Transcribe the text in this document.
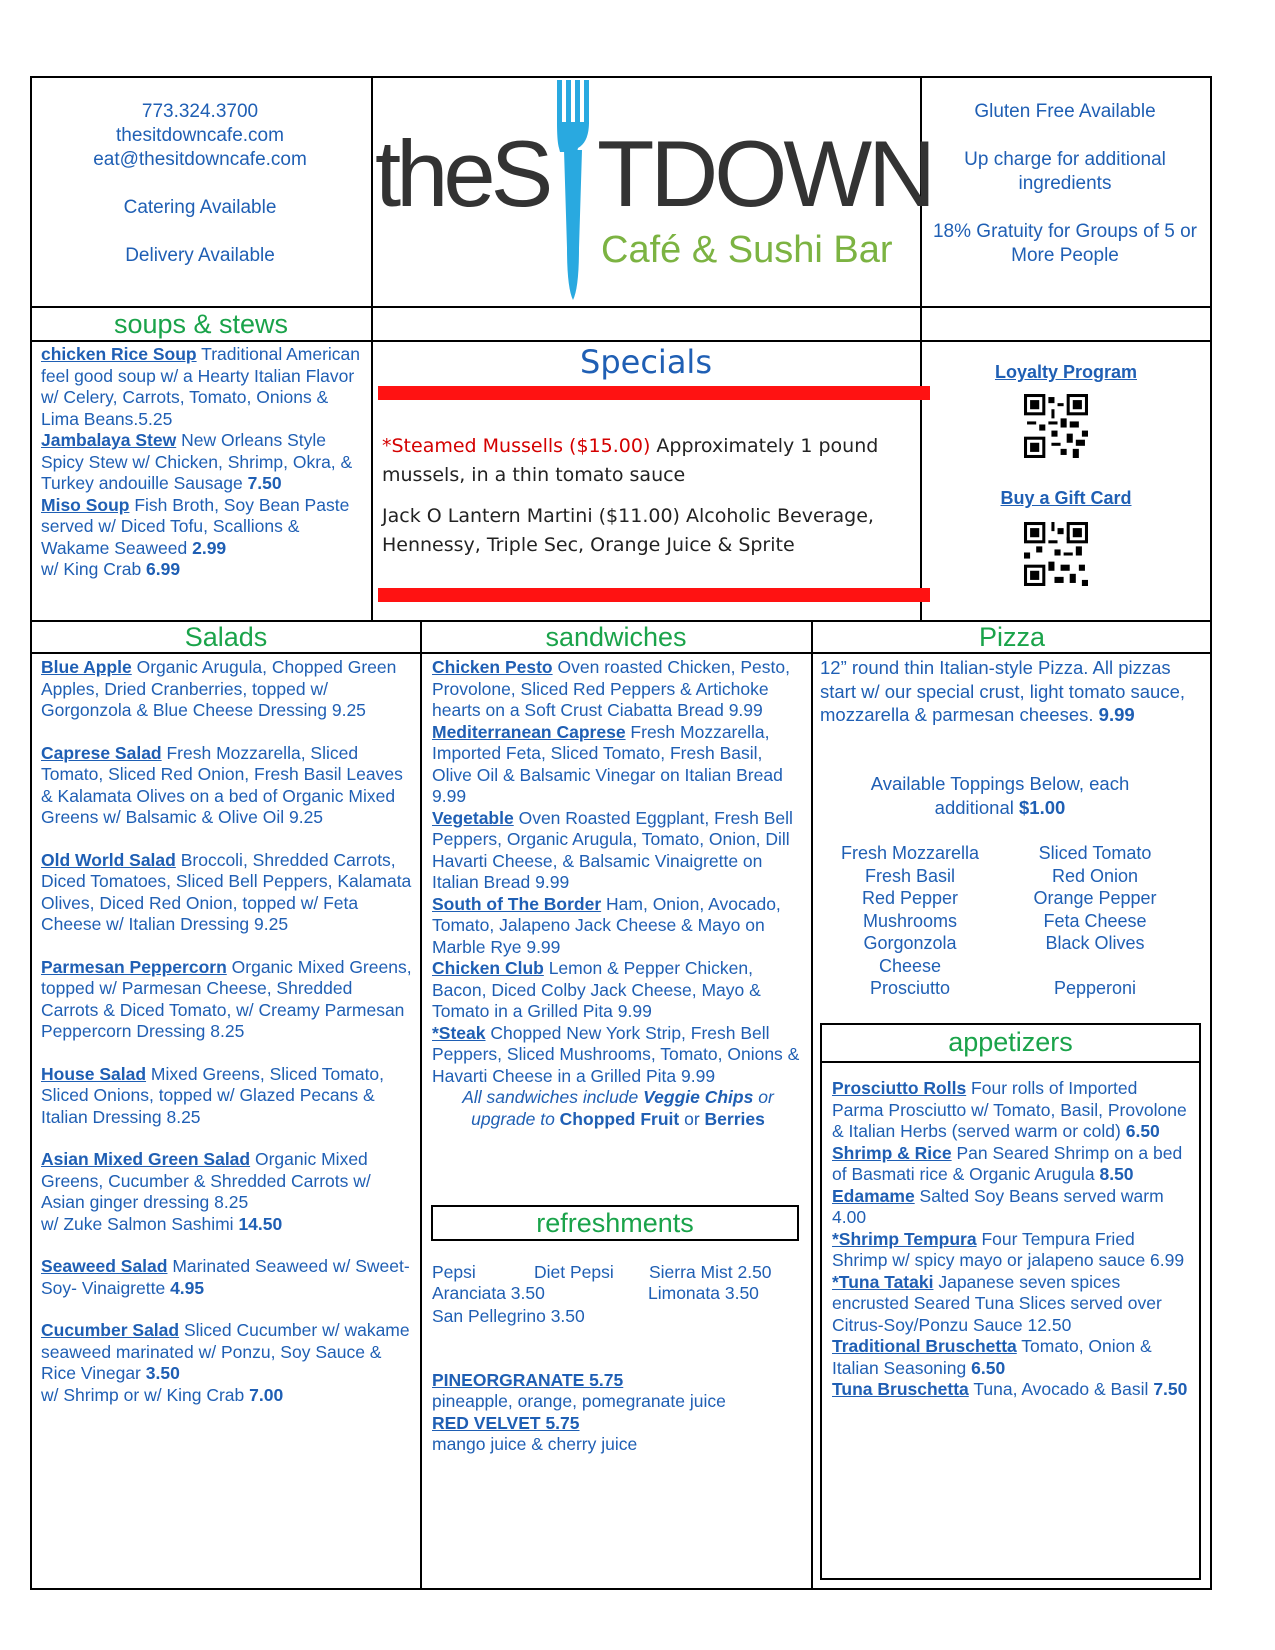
773.324.3700
thesitdowncafe.com
eat@thesitdowncafe.com
Catering Available
Delivery Available
theS TDOWN
Café & Sushi Bar
Gluten Free Available
Up charge for additional ingredients
18% Gratuity for Groups of 5 or More People
soups & stews

chicken Rice Soup Traditional American feel good soup w/ a Hearty Italian Flavor w/ Celery, Carrots, Tomato, Onions & Lima Beans.5.25

Jambalaya Stew New Orleans Style Spicy Stew w/ Chicken, Shrimp, Okra, & Turkey andouille Sausage 7.50

Miso Soup Fish Broth, Soy Bean Paste served w/ Diced Tofu, Scallions & Wakame Seaweed 2.99

w/ King Crab 6.99

Specials
*Steamed Mussells ($15.00) Approximately 1 pound mussels, in a thin tomato sauce
Jack O Lantern Martini ($11.00) Alcoholic Beverage, Hennessy, Triple Sec, Orange Juice & Sprite
Loyalty Program
Buy a Gift Card
Salads

Blue Apple Organic Arugula, Chopped Green Apples, Dried Cranberries, topped w/ Gorgonzola & Blue Cheese Dressing 9.25

Caprese Salad Fresh Mozzarella, Sliced Tomato, Sliced Red Onion, Fresh Basil Leaves & Kalamata Olives on a bed of Organic Mixed Greens w/ Balsamic & Olive Oil 9.25

Old World Salad Broccoli, Shredded Carrots, Diced Tomatoes, Sliced Bell Peppers, Kalamata Olives, Diced Red Onion, topped w/ Feta Cheese w/ Italian Dressing 9.25

Parmesan Peppercorn Organic Mixed Greens, topped w/ Parmesan Cheese, Shredded Carrots & Diced Tomato, w/ Creamy Parmesan Peppercorn Dressing 8.25

House Salad Mixed Greens, Sliced Tomato, Sliced Onions, topped w/ Glazed Pecans & Italian Dressing 8.25

Asian Mixed Green Salad Organic Mixed Greens, Cucumber & Shredded Carrots w/ Asian ginger dressing 8.25

w/ Zuke Salmon Sashimi 14.50

Seaweed Salad Marinated Seaweed w/ Sweet-Soy- Vinaigrette 4.95

Cucumber Salad Sliced Cucumber w/ wakame seaweed marinated w/ Ponzu, Soy Sauce & Rice Vinegar 3.50

w/ Shrimp or w/ King Crab 7.00

sandwiches

Chicken Pesto Oven roasted Chicken, Pesto, Provolone, Sliced Red Peppers & Artichoke hearts on a Soft Crust Ciabatta Bread 9.99

Mediterranean Caprese Fresh Mozzarella, Imported Feta, Sliced Tomato, Fresh Basil, Olive Oil & Balsamic Vinegar on Italian Bread 9.99

Vegetable Oven Roasted Eggplant, Fresh Bell Peppers, Organic Arugula, Tomato, Onion, Dill Havarti Cheese, & Balsamic Vinaigrette on Italian Bread 9.99

South of The Border Ham, Onion, Avocado, Tomato, Jalapeno Jack Cheese & Mayo on Marble Rye 9.99

Chicken Club Lemon & Pepper Chicken, Bacon, Diced Colby Jack Cheese, Mayo & Tomato in a Grilled Pita 9.99

*Steak Chopped New York Strip, Fresh Bell Peppers, Sliced Mushrooms, Tomato, Onions & Havarti Cheese in a Grilled Pita 9.99

All sandwiches include Veggie Chips or upgrade to Chopped Fruit or Berries

refreshments
Pepsi	Diet Pepsi Sierra Mist 2.50
Aranciata 3.50	Limonata 3.50

San Pellegrino 3.50

PINEORGRANATE 5.75

pineapple, orange, pomegranate juice

RED VELVET 5.75

mango juice & cherry juice

Pizza
12” round thin Italian-style Pizza. All pizzas start w/ our special crust, light tomato sauce, mozzarella & parmesan cheeses. 9.99
Available Toppings Below, each additional $1.00
Fresh Mozzarella
Fresh Basil
Red Pepper
Mushrooms
Gorgonzola Cheese
Prosciutto
Sliced Tomato
Red Onion
Orange Pepper
Feta Cheese
Black Olives
Pepperoni
appetizers

Prosciutto Rolls Four rolls of Imported Parma Prosciutto w/ Tomato, Basil, Provolone & Italian Herbs (served warm or cold) 6.50

Shrimp & Rice Pan Seared Shrimp on a bed of Basmati rice & Organic Arugula 8.50

Edamame Salted Soy Beans served warm 4.00

*Shrimp Tempura Four Tempura Fried Shrimp w/ spicy mayo or jalapeno sauce 6.99

*Tuna Tataki Japanese seven spices encrusted Seared Tuna Slices served over Citrus-Soy/Ponzu Sauce 12.50

Traditional Bruschetta Tomato, Onion & Italian Seasoning 6.50

Tuna Bruschetta Tuna, Avocado & Basil 7.50
